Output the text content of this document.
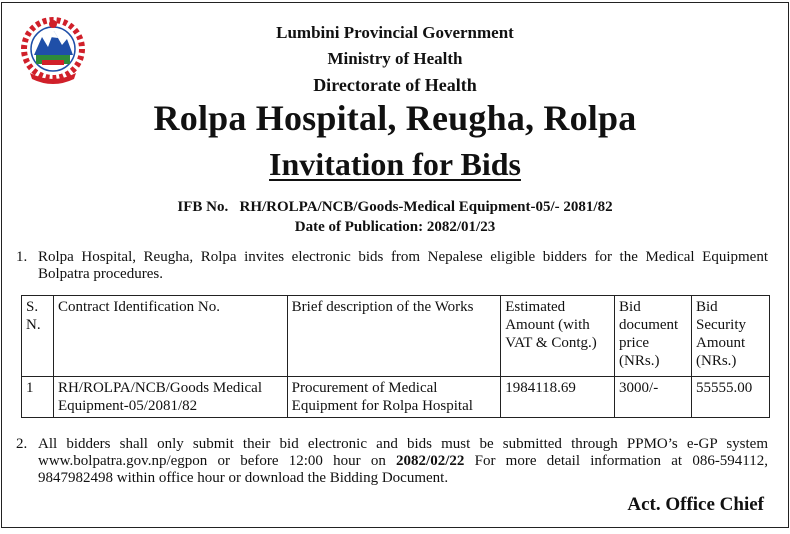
Lumbini Provincial Government
Ministry of Health
Directorate of Health
Rolpa Hospital, Reugha, Rolpa
Invitation for Bids
IFB No. RH/ROLPA/NCB/Goods-Medical Equipment-05/- 2081/82
Date of Publication: 2082/01/23
1. Rolpa Hospital, Reugha, Rolpa invites electronic bids from Nepalese eligible bidders for the Medical Equipment Bolpatra procedures.
S. N.	Contract Identification No.	Brief description of the Works	Estimated Amount (with VAT & Contg.)	Bid document price (NRs.)	Bid Security Amount (NRs.)
1	RH/ROLPA/NCB/Goods Medical Equipment-05/2081/82	Procurement of Medical Equipment for Rolpa Hospital	1984118.69	3000/-	55555.00
2. All bidders shall only submit their bid electronic and bids must be submitted through PPMO’s e-GP system www.bolpatra.gov.np/egpon or before 12:00 hour on 2082/02/22 For more detail information at 086-594112, 9847982498 within office hour or download the Bidding Document.
Act. Office Chief
